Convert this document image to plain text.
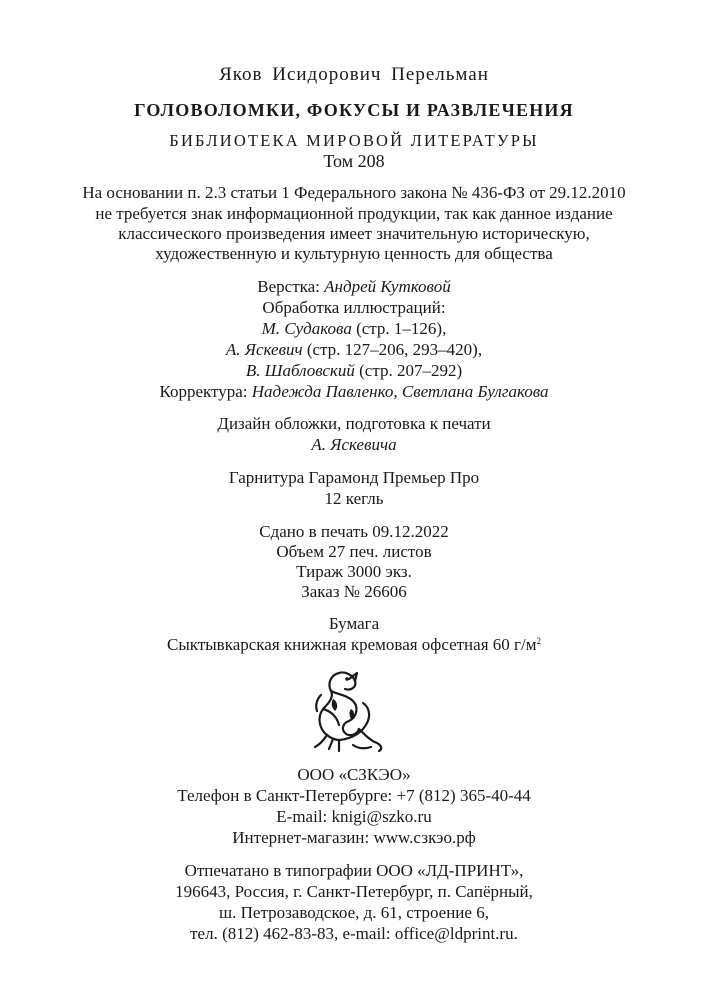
Яков Исидорович Перельман
ГОЛОВОЛОМКИ, ФОКУСЫ И РАЗВЛЕЧЕНИЯ
БИБЛИОТЕКА МИРОВОЙ ЛИТЕРАТУРЫ
Том 208
На основании п. 2.3 статьи 1 Федерального закона № 436-ФЗ от 29.12.2010
не требуется знак информационной продукции, так как данное издание
классического произведения имеет значительную историческую,
художественную и культурную ценность для общества
Верстка: Андрей Кутковой
Обработка иллюстраций:
М. Судакова (стр. 1–126),
А. Яскевич (стр. 127–206, 293–420),
В. Шабловский (стр. 207–292)
Корректура: Надежда Павленко, Светлана Булгакова
Дизайн обложки, подготовка к печати
А. Яскевича
Гарнитура Гарамонд Премьер Про
12 кегль
Сдано в печать 09.12.2022
Объем 27 печ. листов
Тираж 3000 экз.
Заказ № 26606
Бумага
Сыктывкарская книжная кремовая офсетная 60 $г/м^2$
ООО «СЗКЭО»
Телефон в Санкт-Петербурге: +7 (812) 365-40-44
E-mail: knigi@szko.ru
Интернет-магазин: www.сзкэо.рф
Отпечатано в типографии ООО «ЛД-ПРИНТ»,
196643, Россия, г. Санкт-Петербург, п. Сапёрный,
ш. Петрозаводское, д. 61, строение 6,
тел. (812) 462-83-83, e-mail: office@ldprint.ru.
